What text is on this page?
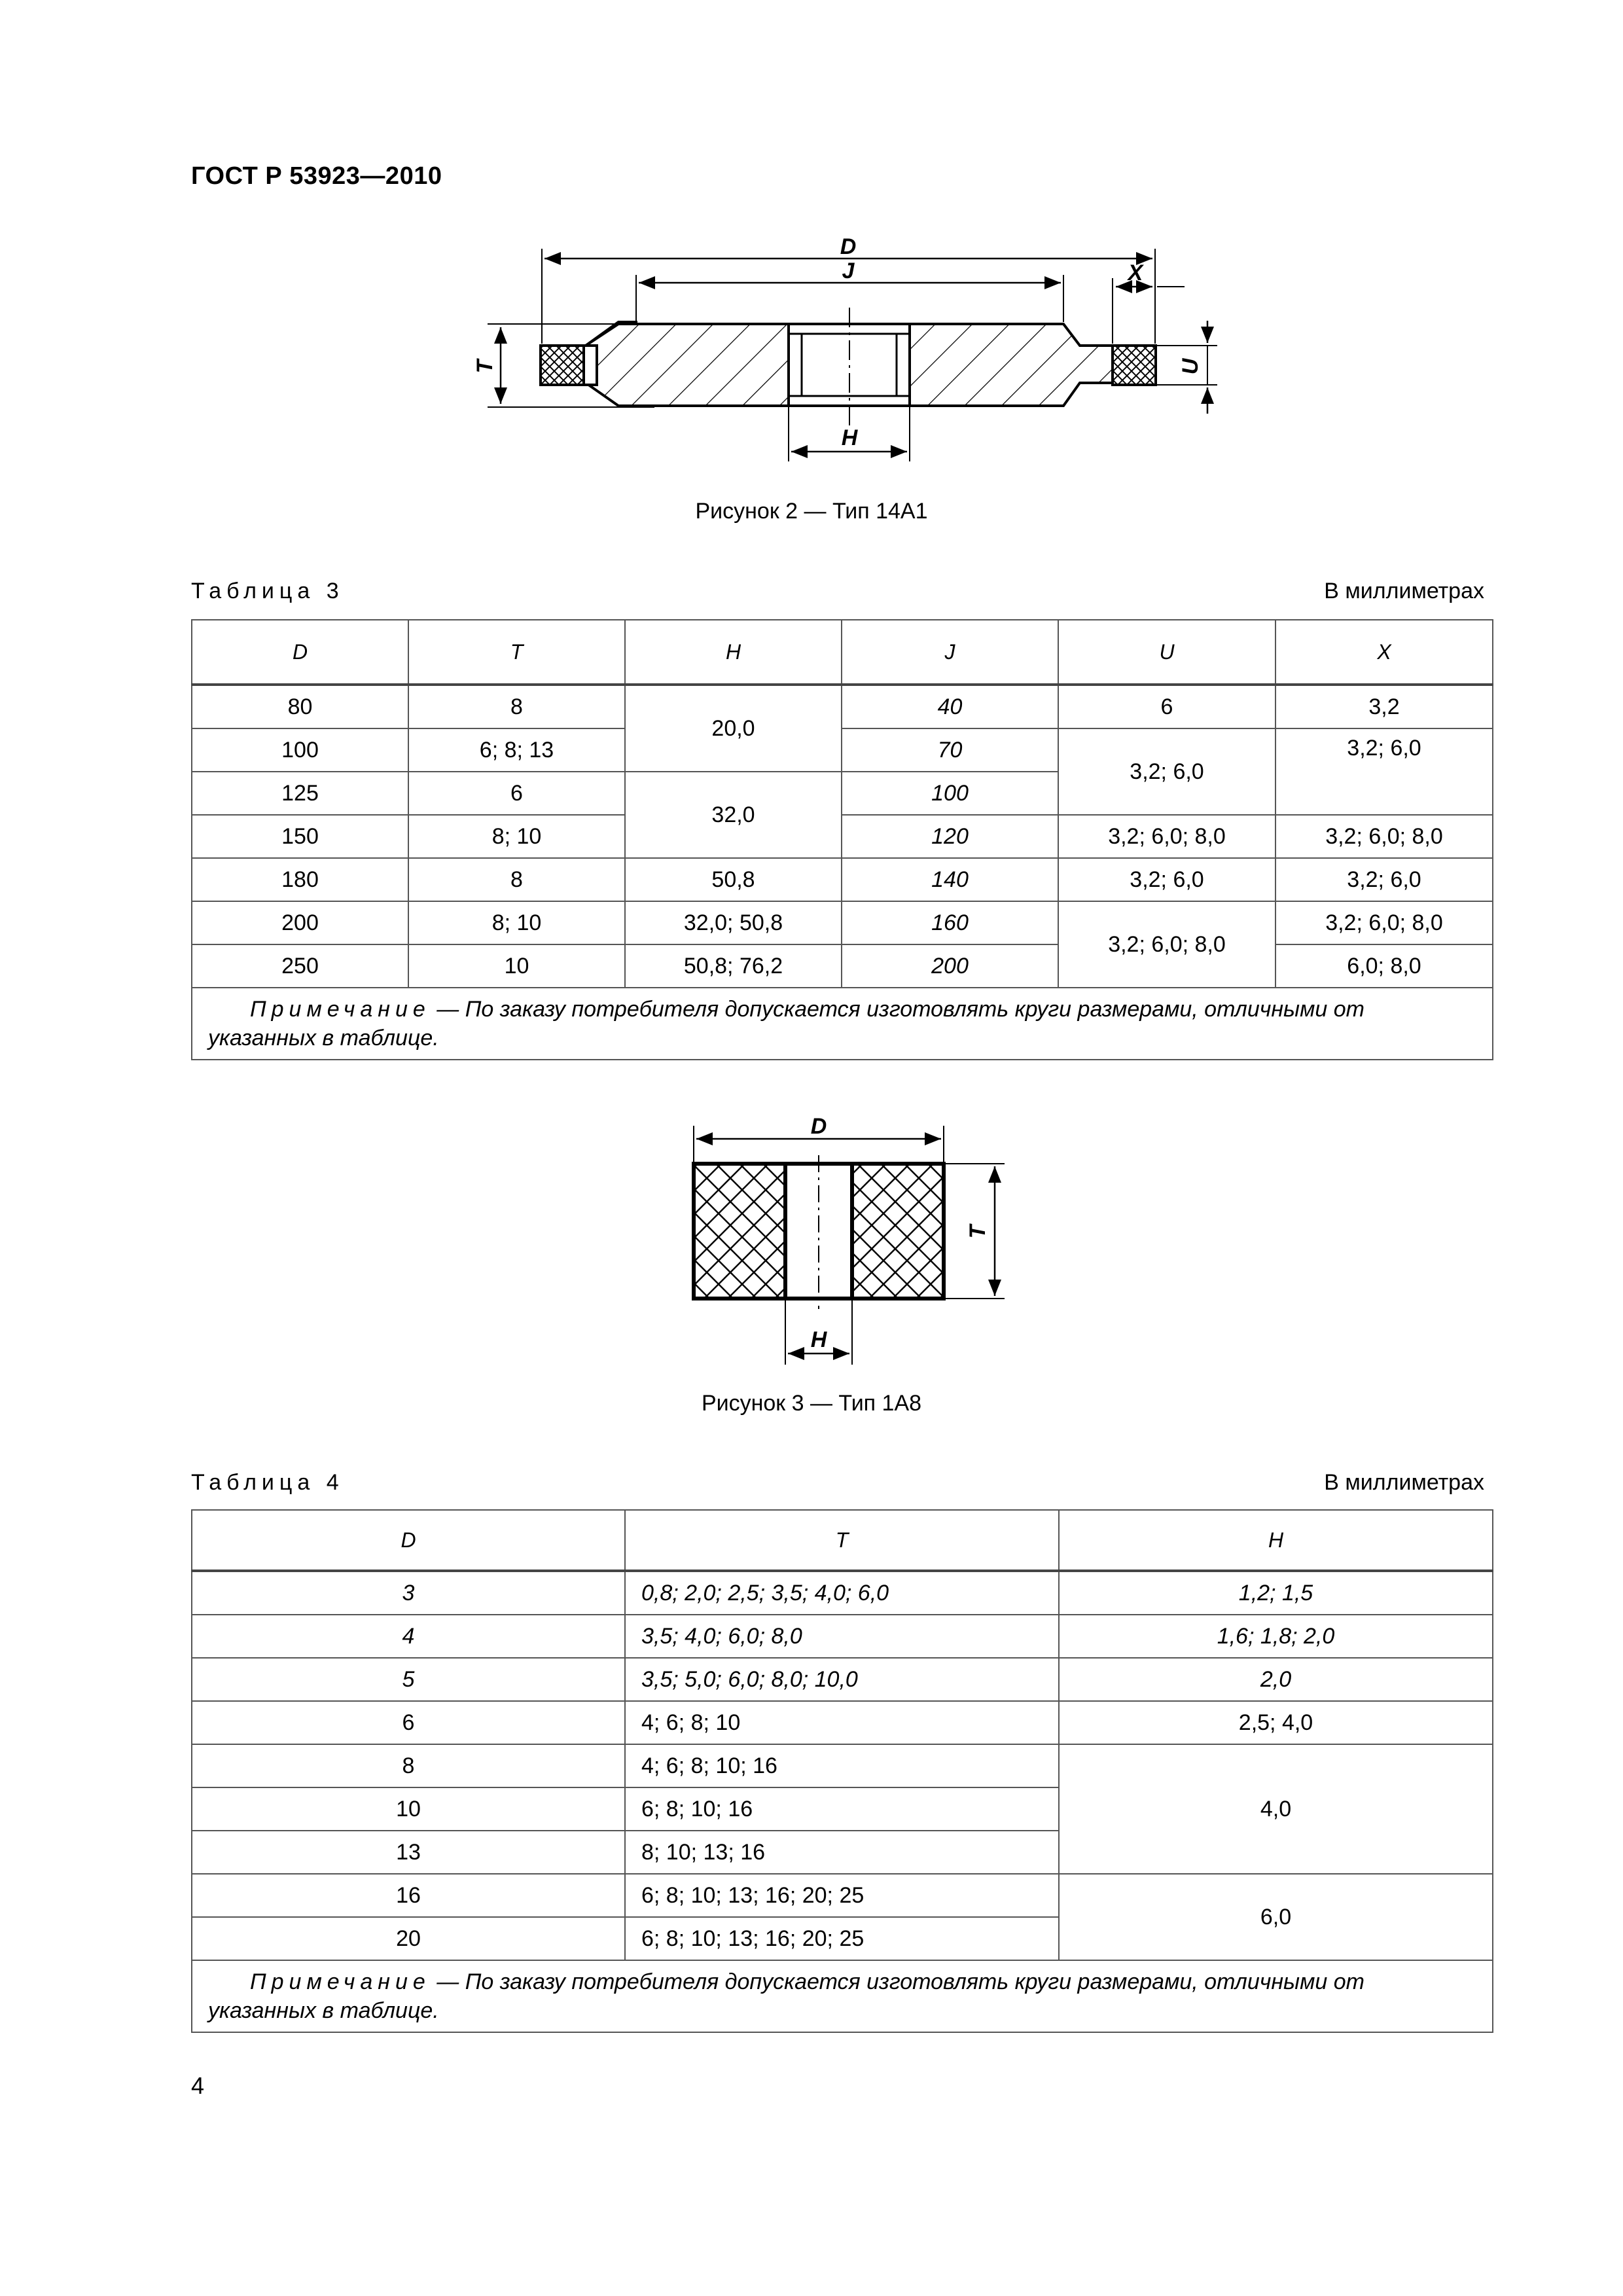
ГОСТ Р 53923—2010
D
J	X
T	U
H
Рисунок 2 — Тип 14А1
Таблица 3	В миллиметрах
D	T	H	J	U	X
80	8	20,0	40	6	3,2
100	6; 8; 13		70	3,2; 6,0	3,2; 6,0
125	6	32,0	100		
150	8; 10		120	3,2; 6,0; 8,0	3,2; 6,0; 8,0
180	8	50,8	140	3,2; 6,0	3,2; 6,0
200	8; 10	32,0; 50,8	160	3,2; 6,0; 8,0	3,2; 6,0; 8,0
250	10	50,8; 76,2	200		6,0; 8,0
Примечание — По заказу потребителя допускается изготовлять круги размерами, отличными от указанных в таблице.					
D
T
H
Рисунок 3 — Тип 1А8
Таблица 4	В миллиметрах
D	T	H
3	0,8; 2,0; 2,5; 3,5; 4,0; 6,0	1,2; 1,5
4	3,5; 4,0; 6,0; 8,0	1,6; 1,8; 2,0
5	3,5; 5,0; 6,0; 8,0; 10,0	2,0
6	4; 6; 8; 10	2,5; 4,0
8	4; 6; 8; 10; 16	4,0
10	6; 8; 10; 16	
13	8; 10; 13; 16	
16	6; 8; 10; 13; 16; 20; 25	6,0
20	6; 8; 10; 13; 16; 20; 25	
Примечание — По заказу потребителя допускается изготовлять круги размерами, отличными от указанных в таблице.		
4
